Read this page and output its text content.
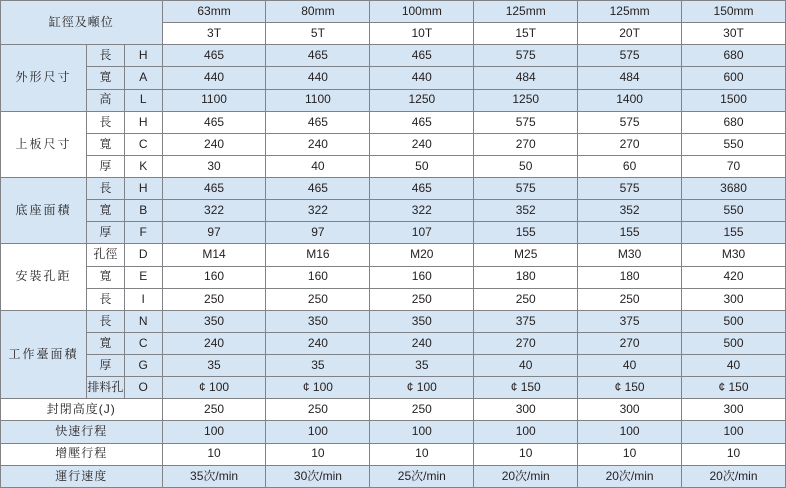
缸徑及噸位			63mm	80mm	100mm	125mm	125mm	150mm
			3T	5T	10T	15T	20T	30T
外形尺寸	長	H	465	465	465	575	575	680
	寬	A	440	440	440	484	484	600
	高	L	1100	1100	1250	1250	1400	1500
上板尺寸	長	H	465	465	465	575	575	680
	寬	C	240	240	240	270	270	550
	厚	K	30	40	50	50	60	70
底座面積	長	H	465	465	465	575	575	3680
	寬	B	322	322	322	352	352	550
	厚	F	97	97	107	155	155	155
安裝孔距	孔徑	D	M14	M16	M20	M25	M30	M30
	寬	E	160	160	160	180	180	420
	長	I	250	250	250	250	250	300
工作臺面積	長	N	350	350	350	375	375	500
	寬	C	240	240	240	270	270	500
	厚	G	35	35	35	40	40	40
	排料孔	O	¢ 100	¢ 100	¢ 100	¢ 150	¢ 150	¢ 150
封閉高度(J)			250	250	250	300	300	300
快速行程			100	100	100	100	100	100
增壓行程			10	10	10	10	10	10
運行速度			35次/min	30次/min	25次/min	20次/min	20次/min	20次/min
